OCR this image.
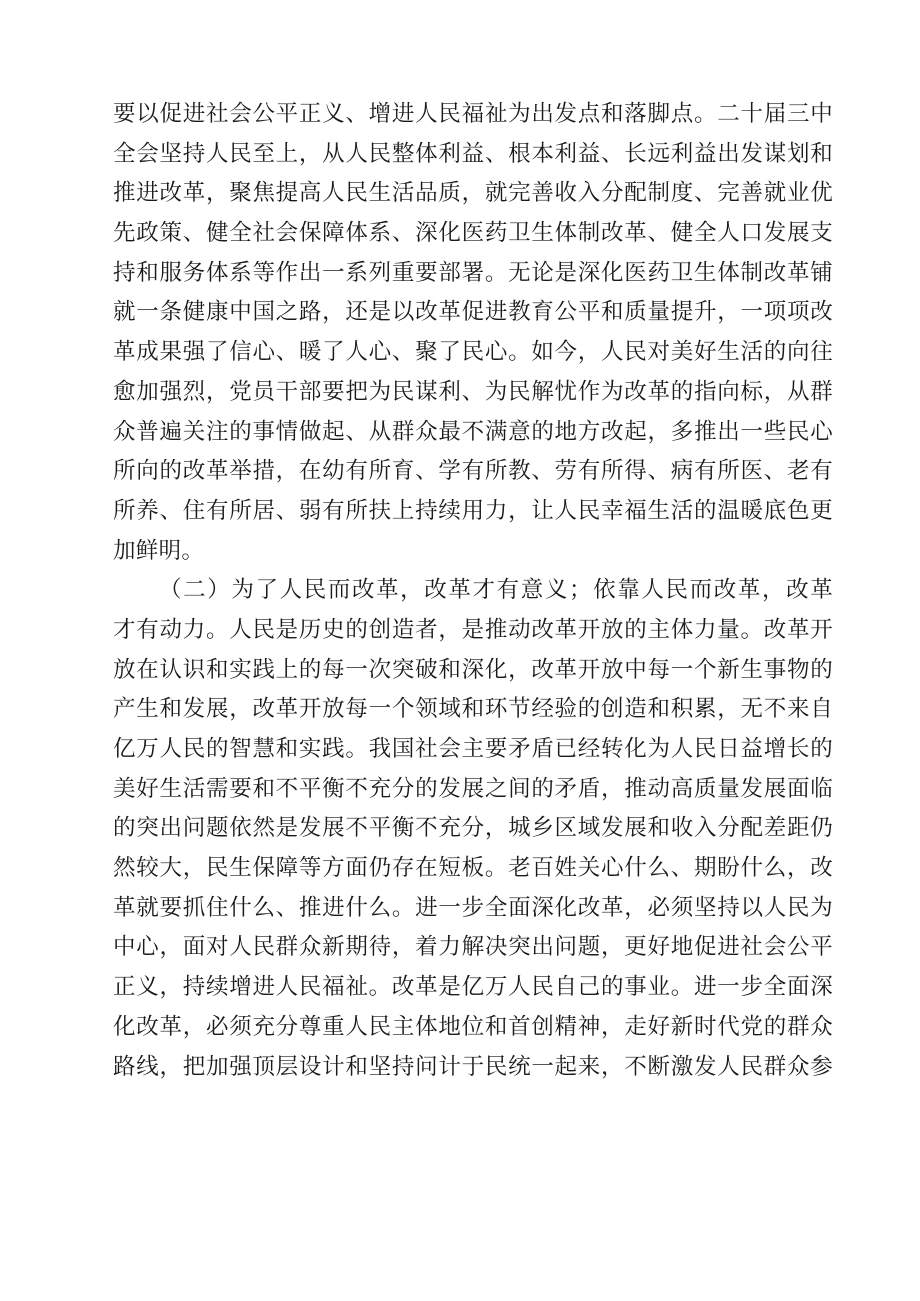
要以促进社会公平正义、增进人民福祉为出发点和落脚点。二十届三中
全会坚持人民至上，从人民整体利益、根本利益、长远利益出发谋划和
推进改革，聚焦提高人民生活品质，就完善收入分配制度、完善就业优
先政策、健全社会保障体系、深化医药卫生体制改革、健全人口发展支
持和服务体系等作出一系列重要部署。无论是深化医药卫生体制改革铺
就一条健康中国之路，还是以改革促进教育公平和质量提升，一项项改
革成果强了信心、暖了人心、聚了民心。如今，人民对美好生活的向往
愈加强烈，党员干部要把为民谋利、为民解忧作为改革的指向标，从群
众普遍关注的事情做起、从群众最不满意的地方改起，多推出一些民心
所向的改革举措，在幼有所育、学有所教、劳有所得、病有所医、老有
所养、住有所居、弱有所扶上持续用力，让人民幸福生活的温暖底色更
加鲜明。
（二）为了人民而改革，改革才有意义；依靠人民而改革，改革
才有动力。人民是历史的创造者，是推动改革开放的主体力量。改革开
放在认识和实践上的每一次突破和深化，改革开放中每一个新生事物的
产生和发展，改革开放每一个领域和环节经验的创造和积累，无不来自
亿万人民的智慧和实践。我国社会主要矛盾已经转化为人民日益增长的
美好生活需要和不平衡不充分的发展之间的矛盾，推动高质量发展面临
的突出问题依然是发展不平衡不充分，城乡区域发展和收入分配差距仍
然较大，民生保障等方面仍存在短板。老百姓关心什么、期盼什么，改
革就要抓住什么、推进什么。进一步全面深化改革，必须坚持以人民为
中心，面对人民群众新期待，着力解决突出问题，更好地促进社会公平
正义，持续增进人民福祉。改革是亿万人民自己的事业。进一步全面深
化改革，必须充分尊重人民主体地位和首创精神，走好新时代党的群众
路线，把加强顶层设计和坚持问计于民统一起来，不断激发人民群众参
